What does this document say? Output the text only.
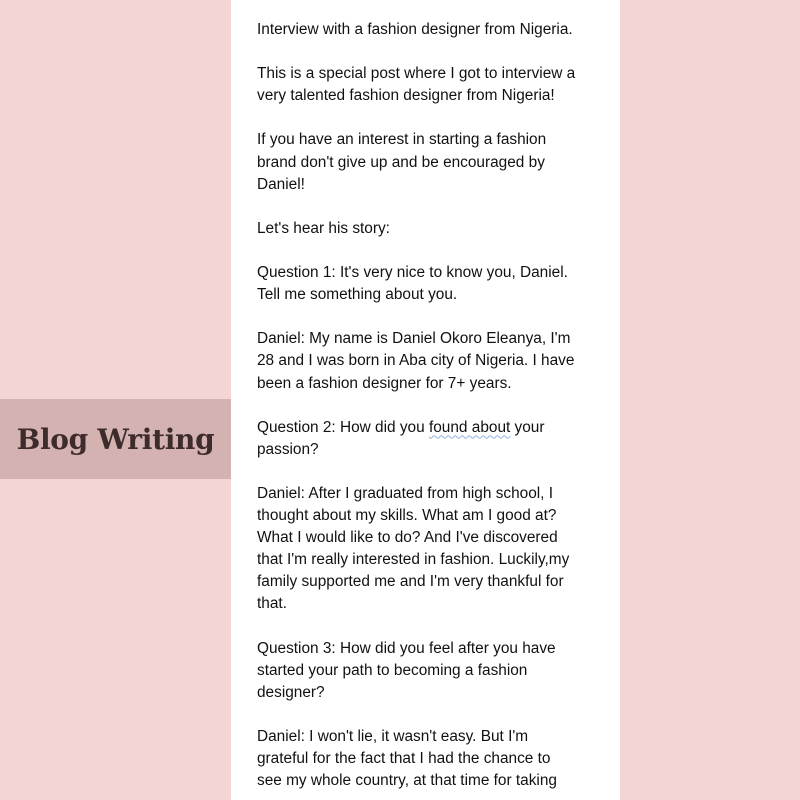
Interview with a fashion designer from Nigeria.

This is a special post where I got to interview a
very talented fashion designer from Nigeria!

If you have an interest in starting a fashion
brand don't give up and be encouraged by
Daniel!

Let's hear his story:

Question 1: It's very nice to know you, Daniel.
Tell me something about you.

Daniel: My name is Daniel Okoro Eleanya, I'm
28 and I was born in Aba city of Nigeria. I have
been a fashion designer for 7+ years.

Question 2: How did you found about your
passion?

Daniel: After I graduated from high school, I
thought about my skills. What am I good at?
What I would like to do? And I've discovered
that I'm really interested in fashion. Luckily,my
family supported me and I'm very thankful for
that.

Question 3: How did you feel after you have
started your path to becoming a fashion
designer?

Daniel: I won't lie, it wasn't easy. But I'm
grateful for the fact that I had the chance to
see my whole country, at that time for taking

Blog Writing
